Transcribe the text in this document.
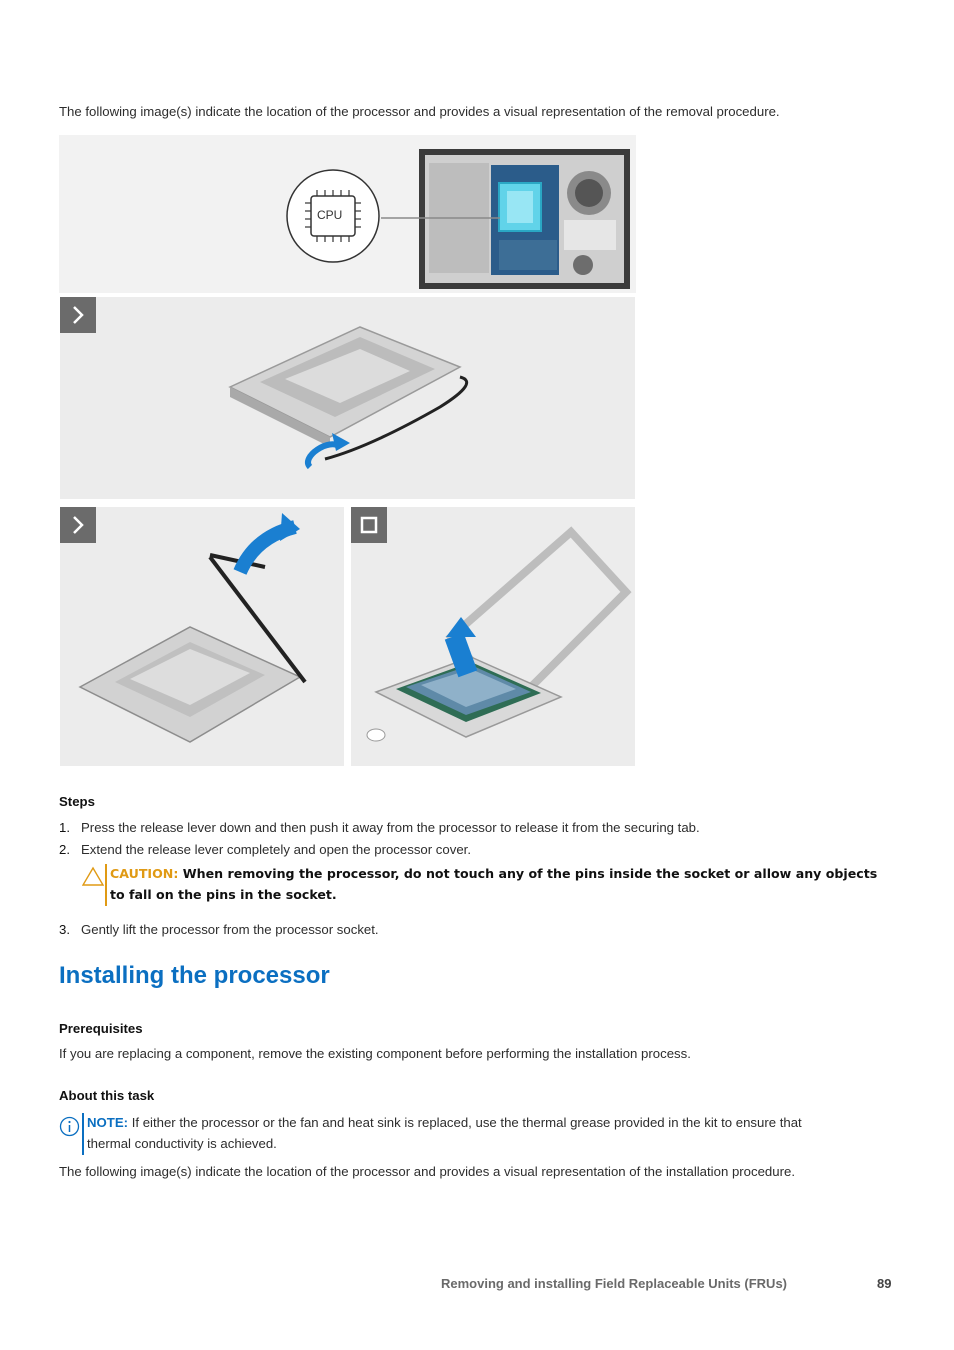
The following image(s) indicate the location of the processor and provides a visual representation of the removal procedure.
CPU
Steps
1. Press the release lever down and then push it away from the processor to release it from the securing tab.
2. Extend the release lever completely and open the processor cover.
CAUTION: When removing the processor, do not touch any of the pins inside the socket or allow any objects
to fall on the pins in the socket.
3. Gently lift the processor from the processor socket.
Installing the processor
Prerequisites
If you are replacing a component, remove the existing component before performing the installation process.
About this task
NOTE: If either the processor or the fan and heat sink is replaced, use the thermal grease provided in the kit to ensure that
thermal conductivity is achieved.
The following image(s) indicate the location of the processor and provides a visual representation of the installation procedure.
Removing and installing Field Replaceable Units (FRUs)	89
